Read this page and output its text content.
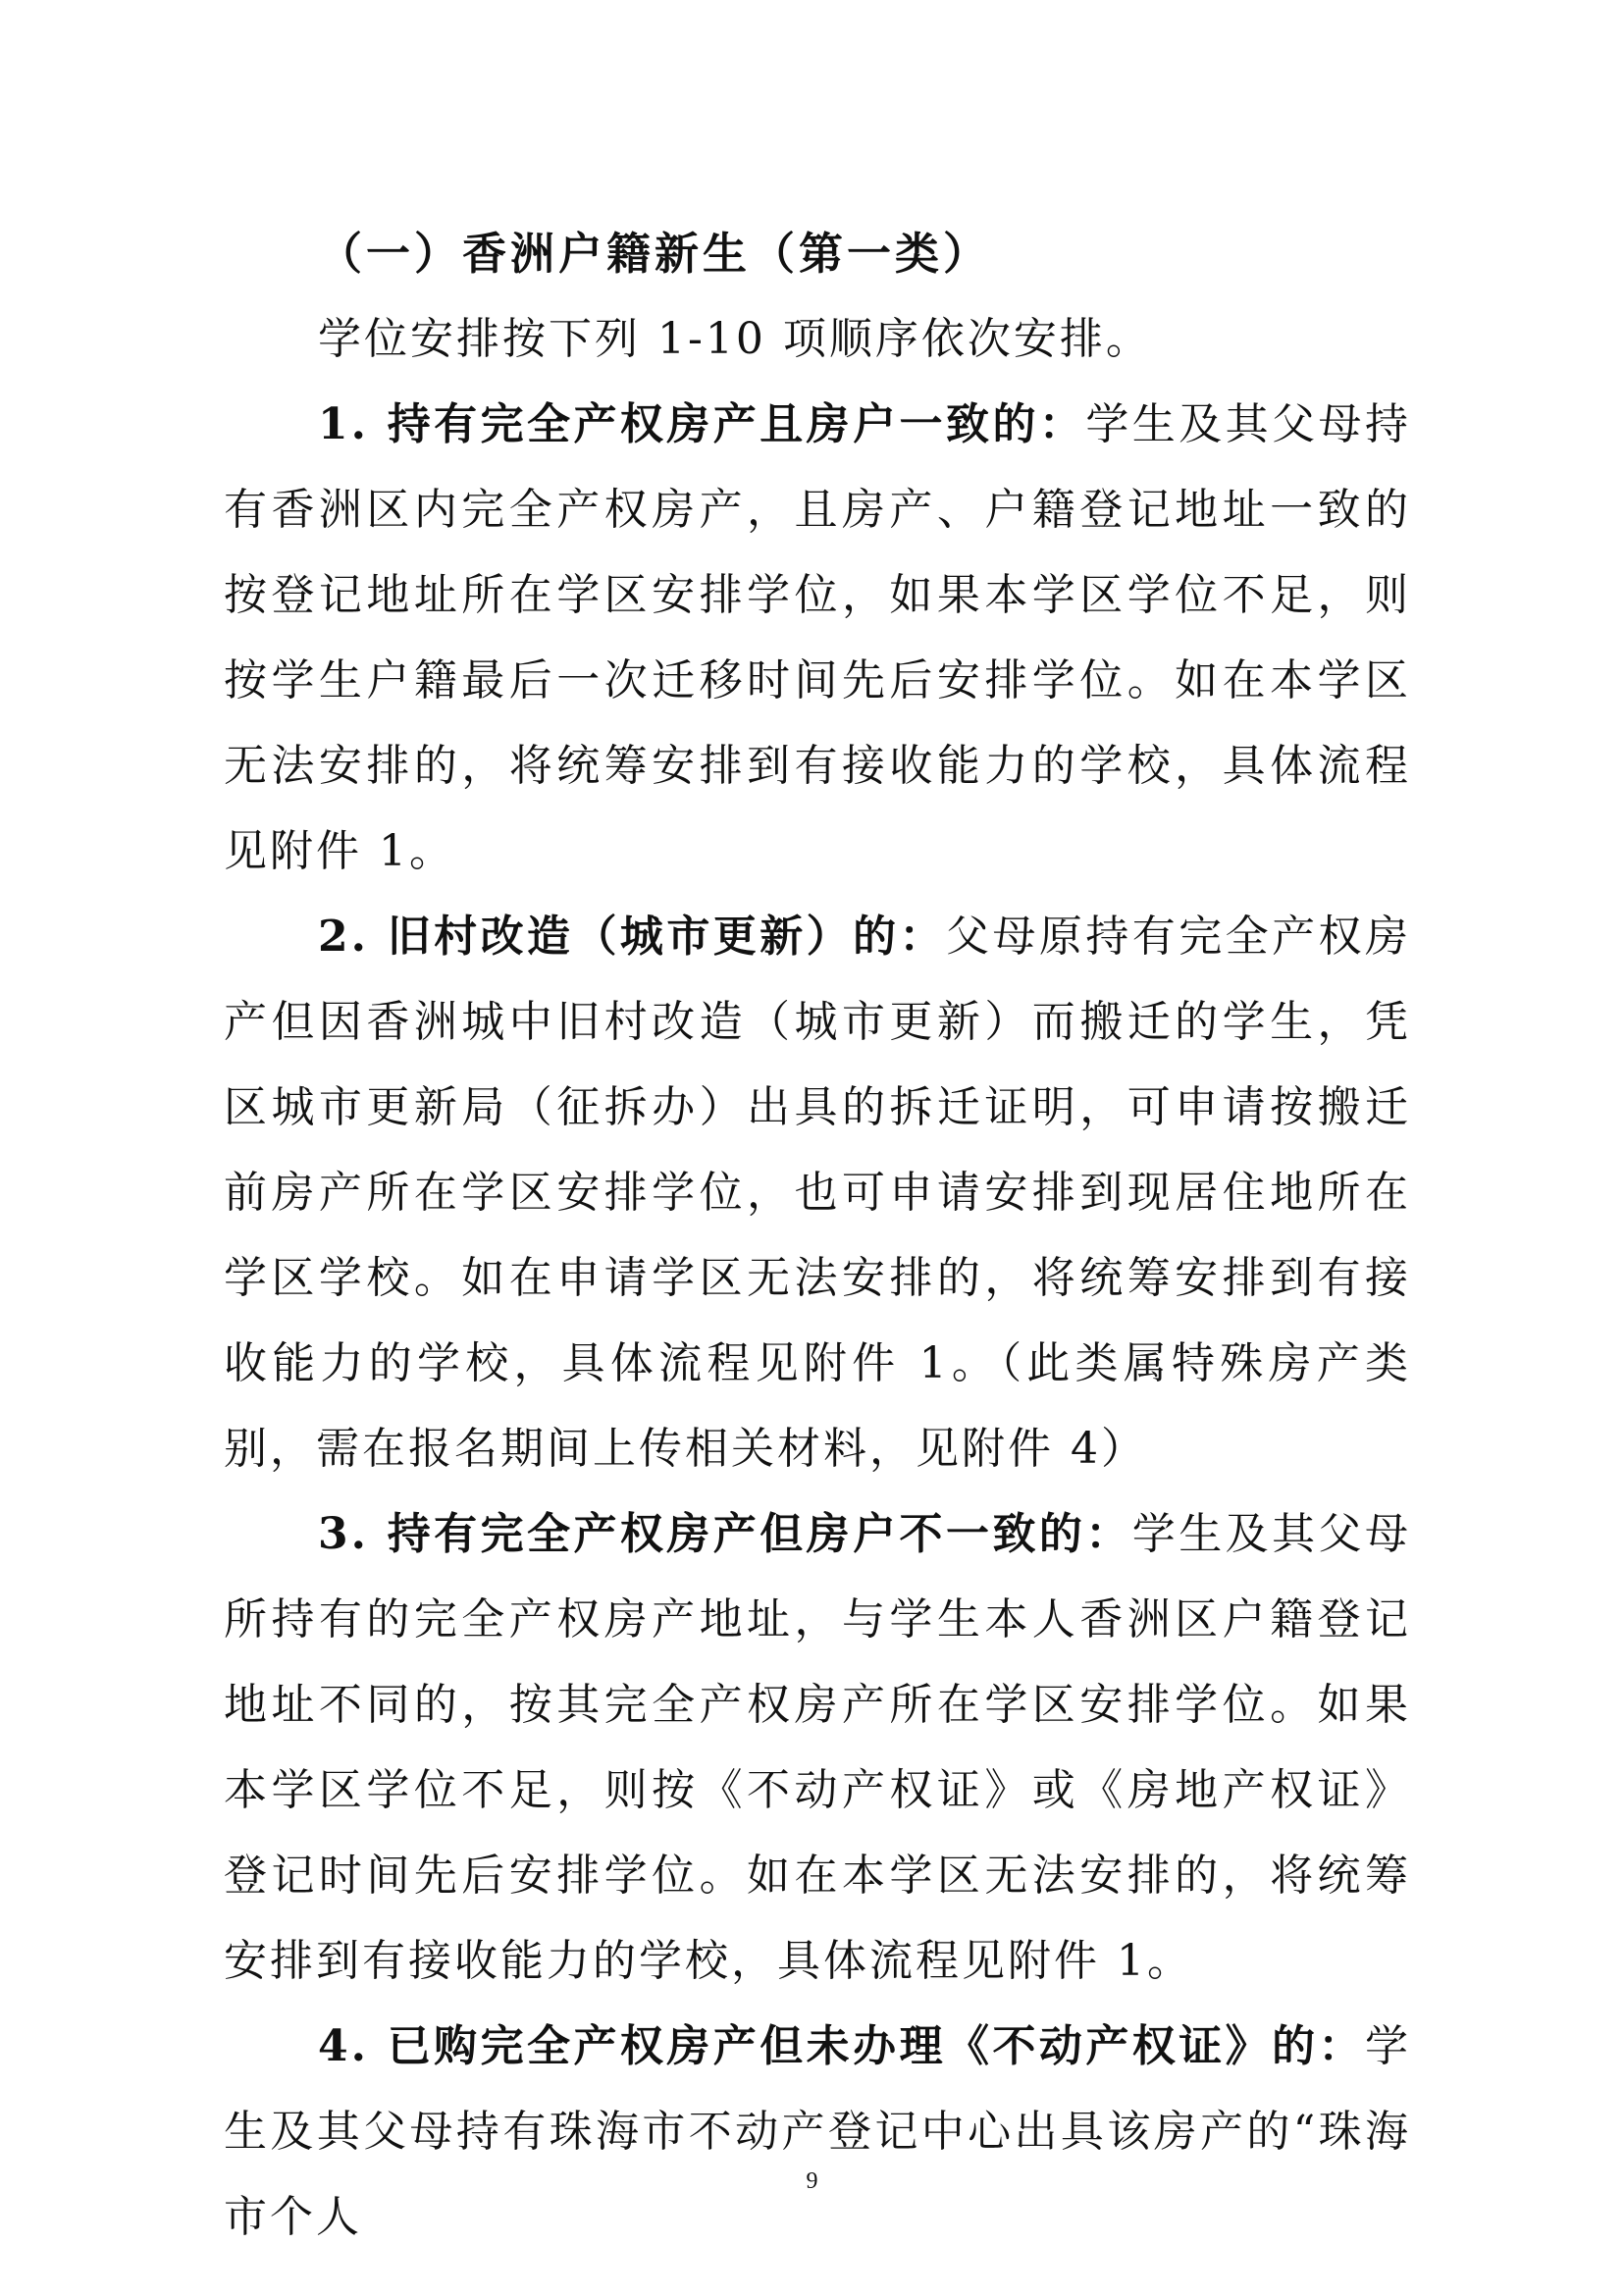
（一）香洲户籍新生（第一类）

学位安排按下列 1-10 项顺序依次安排。

1. 持有完全产权房产且房户一致的：学生及其父母持有香洲区内完全产权房产，且房产、户籍登记地址一致的按登记地址所在学区安排学位，如果本学区学位不足，则按学生户籍最后一次迁移时间先后安排学位。如在本学区无法安排的，将统筹安排到有接收能力的学校，具体流程见附件 1。

2. 旧村改造（城市更新）的：父母原持有完全产权房产但因香洲城中旧村改造（城市更新）而搬迁的学生，凭区城市更新局（征拆办）出具的拆迁证明，可申请按搬迁前房产所在学区安排学位，也可申请安排到现居住地所在学区学校。如在申请学区无法安排的，将统筹安排到有接收能力的学校，具体流程见附件 1。（此类属特殊房产类别，需在报名期间上传相关材料，见附件 4）

3. 持有完全产权房产但房户不一致的：学生及其父母所持有的完全产权房产地址，与学生本人香洲区户籍登记地址不同的，按其完全产权房产所在学区安排学位。如果本学区学位不足，则按《不动产权证》或《房地产权证》登记时间先后安排学位。如在本学区无法安排的，将统筹安排到有接收能力的学校，具体流程见附件 1。

4. 已购完全产权房产但未办理《不动产权证》的：学生及其父母持有珠海市不动产登记中心出具该房产的“珠海市个人

9
